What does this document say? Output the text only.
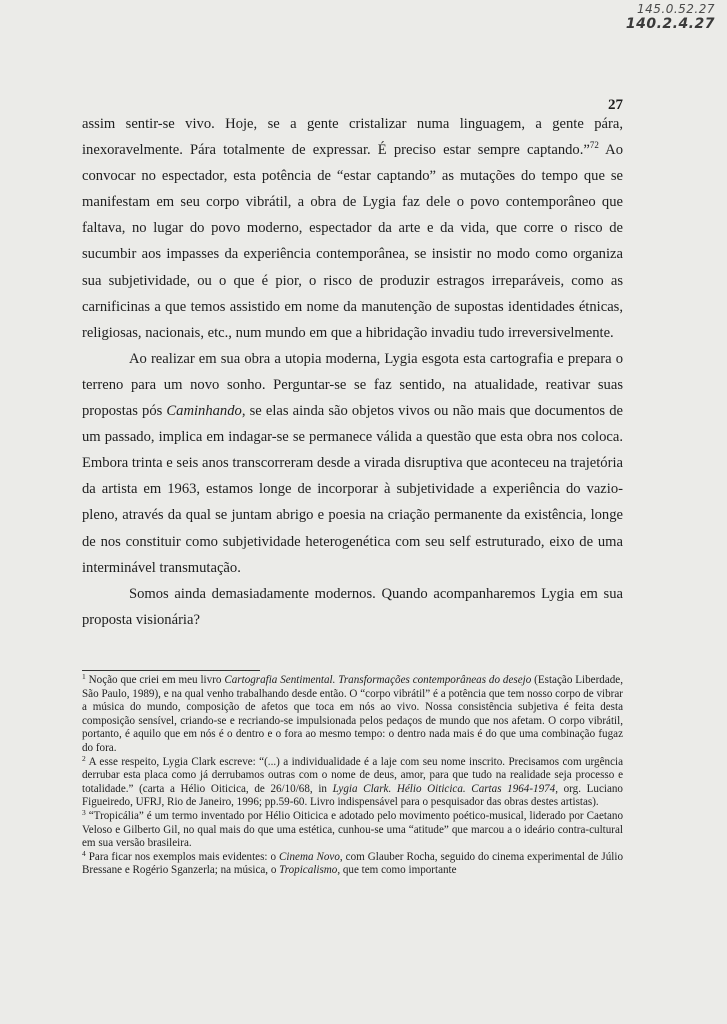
145.0.52.27
140.2.4.27
27

assim sentir-se vivo. Hoje, se a gente cristalizar numa linguagem, a gente pára, inexoravelmente. Pára totalmente de expressar. É preciso estar sempre captando.”$^{72}$ Ao convocar no espectador, esta potência de “estar captando” as mutações do tempo que se manifestam em seu corpo vibrátil, a obra de Lygia faz dele o povo contemporâneo que faltava, no lugar do povo moderno, espectador da arte e da vida, que corre o risco de sucumbir aos impasses da experiência contemporânea, se insistir no modo como organiza sua subjetividade, ou o que é pior, o risco de produzir estragos irreparáveis, como as carnificinas a que temos assistido em nome da manutenção de supostas identidades étnicas, religiosas, nacionais, etc., num mundo em que a hibridação invadiu tudo irreversivelmente.

Ao realizar em sua obra a utopia moderna, Lygia esgota esta cartografia e prepara o terreno para um novo sonho. Perguntar-se se faz sentido, na atualidade, reativar suas propostas pós Caminhando, se elas ainda são objetos vivos ou não mais que documentos de um passado, implica em indagar-se se permanece válida a questão que esta obra nos coloca. Embora trinta e seis anos transcorreram desde a virada disruptiva que aconteceu na trajetória da artista em 1963, estamos longe de incorporar à subjetividade a experiência do vazio-pleno, através da qual se juntam abrigo e poesia na criação permanente da existência, longe de nos constituir como subjetividade heterogenética com seu self estruturado, eixo de uma interminável transmutação.

Somos ainda demasiadamente modernos. Quando acompanharemos Lygia em sua proposta visionária?

$^1$ Noção que criei em meu livro Cartografia Sentimental. Transformações contemporâneas do desejo (Estação Liberdade, São Paulo, 1989), e na qual venho trabalhando desde então. O “corpo vibrátil” é a potência que tem nosso corpo de vibrar a música do mundo, composição de afetos que toca em nós ao vivo. Nossa consistência subjetiva é feita desta composição sensível, criando-se e recriando-se impulsionada pelos pedaços de mundo que nos afetam. O corpo vibrátil, portanto, é aquilo que em nós é o dentro e o fora ao mesmo tempo: o dentro nada mais é do que uma combinação fugaz do fora.

$^2$ A esse respeito, Lygia Clark escreve: “(...) a individualidade é a laje com seu nome inscrito. Precisamos com urgência derrubar esta placa como já derrubamos outras com o nome de deus, amor, para que tudo na realidade seja processo e totalidade.” (carta a Hélio Oiticica, de 26/10/68, in Lygia Clark. Hélio Oiticica. Cartas 1964-1974, org. Luciano Figueiredo, UFRJ, Rio de Janeiro, 1996; pp.59-60. Livro indispensável para o pesquisador das obras destes artistas).

$^3$ “Tropicália” é um termo inventado por Hélio Oiticica e adotado pelo movimento poético-musical, liderado por Caetano Veloso e Gilberto Gil, no qual mais do que uma estética, cunhou-se uma “atitude” que marcou a o ideário contra-cultural em sua versão brasileira.

$^4$ Para ficar nos exemplos mais evidentes: o Cinema Novo, com Glauber Rocha, seguido do cinema experimental de Júlio Bressane e Rogério Sganzerla; na música, o Tropicalismo, que tem como importante
